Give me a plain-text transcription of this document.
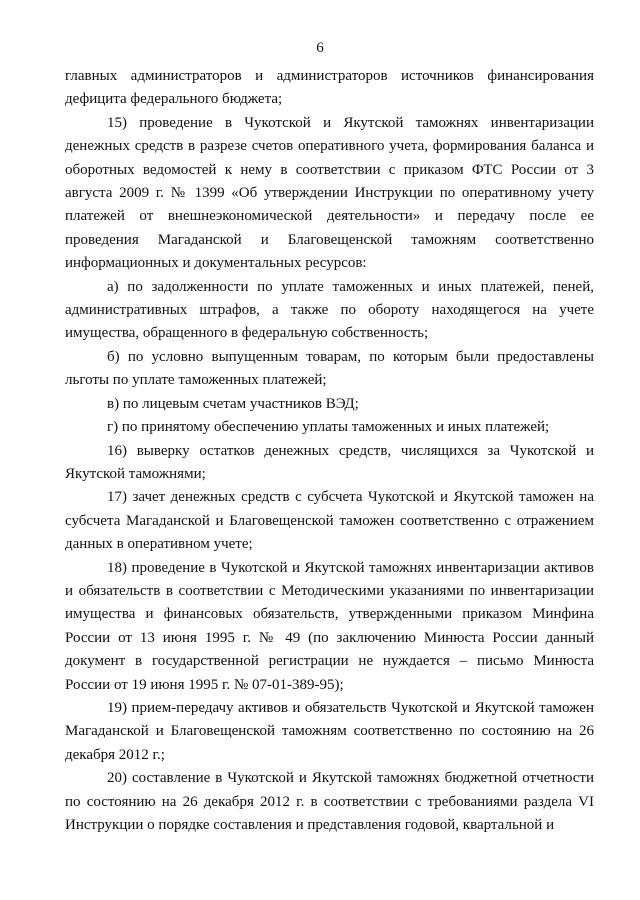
6

главных администраторов и администраторов источников финансирования дефицита федерального бюджета;

15) проведение в Чукотской и Якутской таможнях инвентаризации денежных средств в разрезе счетов оперативного учета, формирования баланса и оборотных ведомостей к нему в соответствии с приказом ФТС России от 3 августа 2009 г. № 1399 «Об утверждении Инструкции по оперативному учету платежей от внешнеэкономической деятельности» и передачу после ее проведения Магаданской и Благовещенской таможням соответственно информационных и документальных ресурсов:

а) по задолженности по уплате таможенных и иных платежей, пеней, административных штрафов, а также по обороту находящегося на учете имущества, обращенного в федеральную собственность;

б) по условно выпущенным товарам, по которым были предоставлены льготы по уплате таможенных платежей;

в) по лицевым счетам участников ВЭД;

г) по принятому обеспечению уплаты таможенных и иных платежей;

16) выверку остатков денежных средств, числящихся за Чукотской и Якутской таможнями;

17) зачет денежных средств с субсчета Чукотской и Якутской таможен на субсчета Магаданской и Благовещенской таможен соответственно с отражением данных в оперативном учете;

18) проведение в Чукотской и Якутской таможнях инвентаризации активов и обязательств в соответствии с Методическими указаниями по инвентаризации имущества и финансовых обязательств, утвержденными приказом Минфина России от 13 июня 1995 г. № 49 (по заключению Минюста России данный документ в государственной регистрации не нуждается – письмо Минюста России от 19 июня 1995 г. № 07-01-389-95);

19) прием-передачу активов и обязательств Чукотской и Якутской таможен Магаданской и Благовещенской таможням соответственно по состоянию на 26 декабря 2012 г.;

20) составление в Чукотской и Якутской таможнях бюджетной отчетности по состоянию на 26 декабря 2012 г. в соответствии с требованиями раздела VI Инструкции о порядке составления и представления годовой, квартальной и
